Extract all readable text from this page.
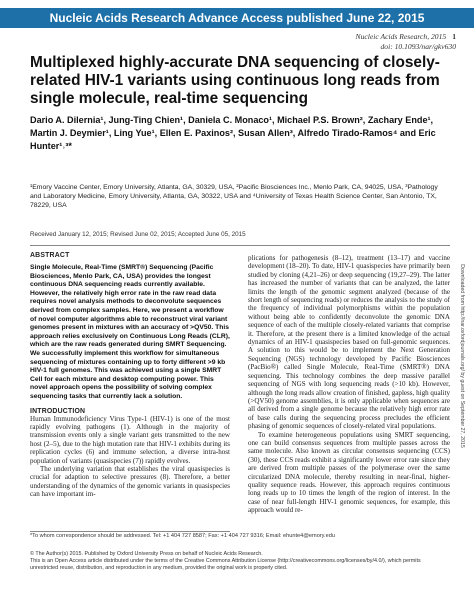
Nucleic Acids Research Advance Access published June 22, 2015
Nucleic Acids Research, 2015 1
doi: 10.1093/nar/gkv630
Multiplexed highly-accurate DNA sequencing of closely-related HIV-1 variants using continuous long reads from single molecule, real-time sequencing
Dario A. Dilernia¹, Jung-Ting Chien¹, Daniela C. Monaco¹, Michael P.S. Brown², Zachary Ende¹, Martin J. Deymier¹, Ling Yue¹, Ellen E. Paxinos², Susan Allen³, Alfredo Tirado-Ramos⁴ and Eric Hunter¹˒³*
¹Emory Vaccine Center, Emory University, Atlanta, GA, 30329, USA, ²Pacific Biosciences Inc., Menlo Park, CA, 94025, USA, ³Pathology and Laboratory Medicine, Emory University, Atlanta, GA, 30322, USA and ⁴University of Texas Health Science Center, San Antonio, TX, 78229, USA
Received January 12, 2015; Revised June 02, 2015; Accepted June 05, 2015
ABSTRACT
Single Molecule, Real-Time (SMRT®) Sequencing (Pacific Biosciences, Menlo Park, CA, USA) provides the longest continuous DNA sequencing reads currently available. However, the relatively high error rate in the raw read data requires novel analysis methods to deconvolute sequences derived from complex samples. Here, we present a workflow of novel computer algorithms able to reconstruct viral variant genomes present in mixtures with an accuracy of >QV50. This approach relies exclusively on Continuous Long Reads (CLR), which are the raw reads generated during SMRT Sequencing. We successfully implement this workflow for simultaneous sequencing of mixtures containing up to forty different >9 kb HIV-1 full genomes. This was achieved using a single SMRT Cell for each mixture and desktop computing power. This novel approach opens the possibility of solving complex sequencing tasks that currently lack a solution.
INTRODUCTION

Human Immunodeficiency Virus Type-1 (HIV-1) is one of the most rapidly evolving pathogens (1). Although in the majority of transmission events only a single variant gets transmitted to the new host (2–5), due to the high mutation rate that HIV-1 exhibits during its replication cycles (6) and immune selection, a diverse intra-host population of variants (quasispecies (7)) rapidly evolves.

The underlying variation that establishes the viral quasispecies is crucial for adaption to selective pressures (8). Therefore, a better understanding of the dynamics of the genomic variants in quasispecies can have important im-

plications for pathogenesis (8–12), treatment (13–17) and vaccine development (18–20). To date, HIV-1 quasispecies have primarily been studied by cloning (4,21–26) or deep sequencing (19,27–29). The latter has increased the number of variants that can be analyzed, the latter limits the length of the genomic segment analyzed (because of the short length of sequencing reads) or reduces the analysis to the study of the frequency of individual polymorphisms within the population without being able to confidently deconvolute the genomic DNA sequence of each of the multiple closely-related variants that comprise it. Therefore, at the present there is a limited knowledge of the actual dynamics of an HIV-1 quasispecies based on full-genomic sequences. A solution to this would be to implement the Next Generation Sequencing (NGS) technology developed by Pacific Biosciences (PacBio®) called Single Molecule, Real-Time (SMRT®) DNA sequencing. This technology combines the deep massive parallel sequencing of NGS with long sequencing reads (>10 kb). However, although the long reads allow creation of finished, gapless, high quality (>QV50) genome assemblies, it is only applicable when sequences are all derived from a single genome because the relatively high error rate of base calls during the sequencing process precludes the efficient phasing of genomic sequences of closely-related viral populations.

To examine heterogeneous populations using SMRT sequencing, one can build consensus sequences from multiple passes across the same molecule. Also known as circular consensus sequencing (CCS) (30), these CCS reads exhibit a significantly lower error rate since they are derived from multiple passes of the polymerase over the same circularized DNA molecule, thereby resulting in near-final, higher-quality sequence reads. However, this approach requires continuous long reads up to 10 times the length of the region of interest. In the case of near full-length HIV-1 genomic sequences, for example, this approach would re-

*To whom correspondence should be addressed. Tel: +1 404 727 8587; Fax: +1 404 727 9316; Email: ehunte4@emory.edu
© The Author(s) 2015. Published by Oxford University Press on behalf of Nucleic Acids Research.
This is an Open Access article distributed under the terms of the Creative Commons Attribution License (http://creativecommons.org/licenses/by/4.0/), which permits unrestricted reuse, distribution, and reproduction in any medium, provided the original work is properly cited.
Downloaded from http://nar.oxfordjournals.org/ by guest on September 27, 2015
